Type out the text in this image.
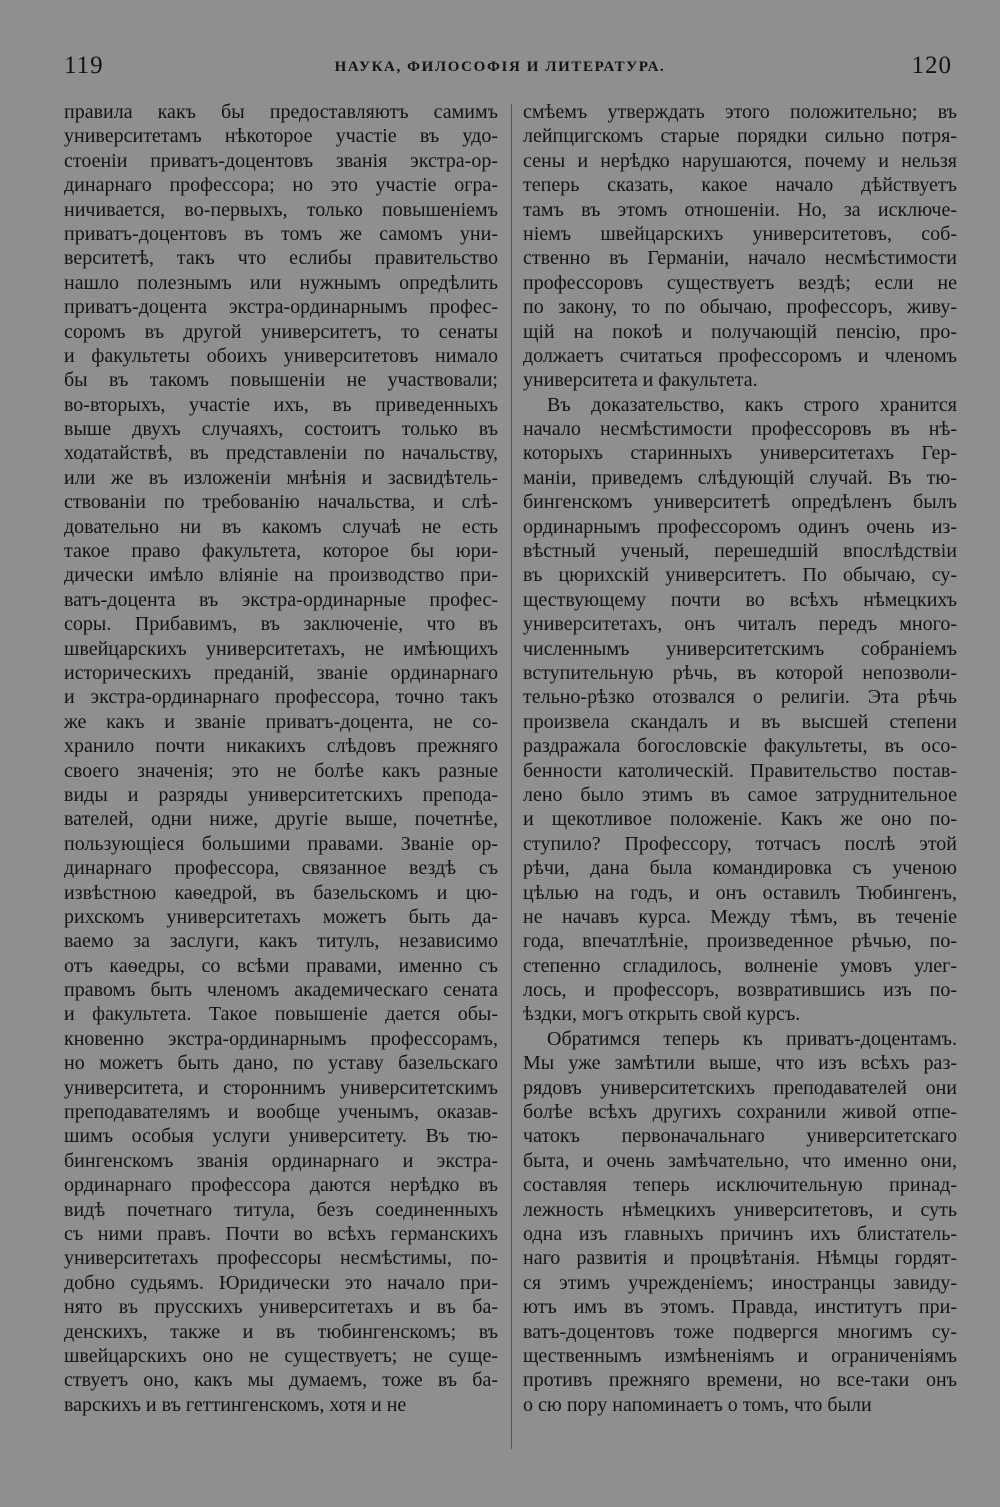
119	НАУКА, ФИЛОСОФІЯ И ЛИТЕРАТУРА.	120
правила какъ бы предоставляютъ самимъ
университетамъ нѣкоторое участіе въ удо-
стоеніи приватъ-доцентовъ званія экстра-ор-
динарнаго профессора; но это участіе огра-
ничивается, во-первыхъ, только повышеніемъ
приватъ-доцентовъ въ томъ же самомъ уни-
верситетѣ, такъ что еслибы правительство
нашло полезнымъ или нужнымъ опредѣлить
приватъ-доцента экстра-ординарнымъ профес-
соромъ въ другой университетъ, то сенаты
и факультеты обоихъ университетовъ нимало
бы въ такомъ повышеніи не участвовали;
во-вторыхъ, участіе ихъ, въ приведенныхъ
выше двухъ случаяхъ, состоитъ только въ
ходатайствѣ, въ представленіи по начальству,
или же въ изложеніи мнѣнія и засвидѣтель-
ствованіи по требованію начальства, и слѣ-
довательно ни въ какомъ случаѣ не есть
такое право факультета, которое бы юри-
дически имѣло вліяніе на производство при-
ватъ-доцента въ экстра-ординарные профес-
соры. Прибавимъ, въ заключеніе, что въ
швейцарскихъ университетахъ, не имѣющихъ
историческихъ преданій, званіе ординарнаго
и экстра-ординарнаго профессора, точно такъ
же какъ и званіе приватъ-доцента, не со-
хранило почти никакихъ слѣдовъ прежняго
своего значенія; это не болѣе какъ разные
виды и разряды университетскихъ препода-
вателей, одни ниже, другіе выше, почетнѣе,
пользующіеся большими правами. Званіе ор-
динарнаго профессора, связанное вездѣ съ
извѣстною каѳедрой, въ базельскомъ и цю-
рихскомъ университетахъ можетъ быть да-
ваемо за заслуги, какъ титулъ, независимо
отъ каѳедры, со всѣми правами, именно съ
правомъ быть членомъ академическаго сената
и факультета. Такое повышеніе дается обы-
кновенно экстра-ординарнымъ профессорамъ,
но можетъ быть дано, по уставу базельскаго
университета, и стороннимъ университетскимъ
преподавателямъ и вообще ученымъ, оказав-
шимъ особыя услуги университету. Въ тю-
бингенскомъ званія ординарнаго и экстра-
ординарнаго профессора даются нерѣдко въ
видѣ почетнаго титула, безъ соединенныхъ
съ ними правъ. Почти во всѣхъ германскихъ
университетахъ профессоры несмѣстимы, по-
добно судьямъ. Юридически это начало при-
нято въ прусскихъ университетахъ и въ ба-
денскихъ, также и въ тюбингенскомъ; въ
швейцарскихъ оно не существуетъ; не суще-
ствуетъ оно, какъ мы думаемъ, тоже въ ба-
варскихъ и въ геттингенскомъ, хотя и не
смѣемъ утверждать этого положительно; въ
лейпцигскомъ старые порядки сильно потря-
сены и нерѣдко нарушаются, почему и нельзя
теперь сказать, какое начало дѣйствуетъ
тамъ въ этомъ отношеніи. Но, за исключе-
ніемъ швейцарскихъ университетовъ, соб-
ственно въ Германіи, начало несмѣстимости
профессоровъ существуетъ вездѣ; если не
по закону, то по обычаю, профессоръ, живу-
щій на покоѣ и получающій пенсію, про-
должаетъ считаться профессоромъ и членомъ
университета и факультета.
Въ доказательство, какъ строго хранится
начало несмѣстимости профессоровъ въ нѣ-
которыхъ старинныхъ университетахъ Гер-
маніи, приведемъ слѣдующій случай. Въ тю-
бингенскомъ университетѣ опредѣленъ былъ
ординарнымъ профессоромъ одинъ очень из-
вѣстный ученый, перешедшій впослѣдствіи
въ цюрихскій университетъ. По обычаю, су-
ществующему почти во всѣхъ нѣмецкихъ
университетахъ, онъ читалъ передъ много-
численнымъ университетскимъ собраніемъ
вступительную рѣчь, въ которой непозволи-
тельно-рѣзко отозвался о религіи. Эта рѣчь
произвела скандалъ и въ высшей степени
раздражала богословскіе факультеты, въ осо-
бенности католическій. Правительство постав-
лено было этимъ въ самое затруднительное
и щекотливое положеніе. Какъ же оно по-
ступило? Профессору, тотчасъ послѣ этой
рѣчи, дана была командировка съ ученою
цѣлью на годъ, и онъ оставилъ Тюбингенъ,
не начавъ курса. Между тѣмъ, въ теченіе
года, впечатлѣніе, произведенное рѣчью, по-
степенно сгладилось, волненіе умовъ улег-
лось, и профессоръ, возвратившись изъ по-
ѣздки, могъ открыть свой курсъ.
Обратимся теперь къ приватъ-доцентамъ.
Мы уже замѣтили выше, что изъ всѣхъ раз-
рядовъ университетскихъ преподавателей они
болѣе всѣхъ другихъ сохранили живой отпе-
чатокъ первоначальнаго университетскаго
быта, и очень замѣчательно, что именно они,
составляя теперь исключительную принад-
лежность нѣмецкихъ университетовъ, и суть
одна изъ главныхъ причинъ ихъ блистатель-
наго развитія и процвѣтанія. Нѣмцы гордят-
ся этимъ учрежденіемъ; иностранцы завиду-
ютъ имъ въ этомъ. Правда, институтъ при-
ватъ-доцентовъ тоже подвергся многимъ су-
щественнымъ измѣненіямъ и ограниченіямъ
противъ прежняго времени, но все-таки онъ
о сю пору напоминаетъ о томъ, что были
